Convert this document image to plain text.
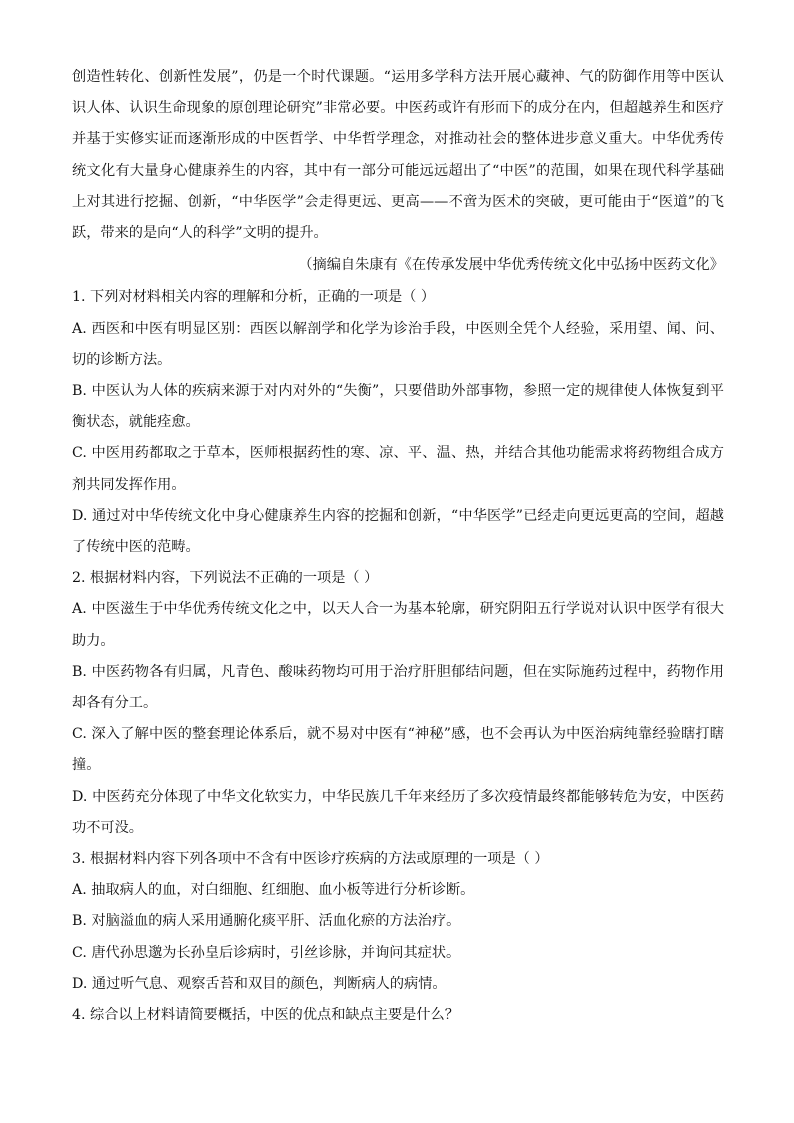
创造性转化、创新性发展”，仍是一个时代课题。“运用多学科方法开展心藏神、气的防御作用等中医认识人体、认识生命现象的原创理论研究”非常必要。中医药或许有形而下的成分在内，但超越养生和医疗并基于实修实证而逐渐形成的中医哲学、中华哲学理念，对推动社会的整体进步意义重大。中华优秀传统文化有大量身心健康养生的内容，其中有一部分可能远远超出了“中医”的范围，如果在现代科学基础上对其进行挖掘、创新，“中华医学”会走得更远、更高——不啻为医术的突破，更可能由于“医道”的飞跃，带来的是向“人的科学”文明的提升。

（摘编自朱康有《在传承发展中华优秀传统文化中弘扬中医药文化》

1. 下列对材料相关内容的理解和分析，正确的一项是（ ）

A. 西医和中医有明显区别：西医以解剖学和化学为诊治手段，中医则全凭个人经验，采用望、闻、问、切的诊断方法。

B. 中医认为人体的疾病来源于对内对外的“失衡”，只要借助外部事物，参照一定的规律使人体恢复到平衡状态，就能痊愈。

C. 中医用药都取之于草本，医师根据药性的寒、凉、平、温、热，并结合其他功能需求将药物组合成方剂共同发挥作用。

D. 通过对中华传统文化中身心健康养生内容的挖掘和创新，“中华医学”已经走向更远更高的空间，超越了传统中医的范畴。

2. 根据材料内容，下列说法不正确的一项是（ ）

A. 中医滋生于中华优秀传统文化之中，以天人合一为基本轮廓，研究阴阳五行学说对认识中医学有很大助力。

B. 中医药物各有归属，凡青色、酸味药物均可用于治疗肝胆郁结问题，但在实际施药过程中，药物作用却各有分工。

C. 深入了解中医的整套理论体系后，就不易对中医有“神秘”感，也不会再认为中医治病纯靠经验瞎打瞎撞。

D. 中医药充分体现了中华文化软实力，中华民族几千年来经历了多次疫情最终都能够转危为安，中医药功不可没。

3. 根据材料内容下列各项中不含有中医诊疗疾病的方法或原理的一项是（ ）

A. 抽取病人的血，对白细胞、红细胞、血小板等进行分析诊断。

B. 对脑溢血的病人采用通腑化痰平肝、活血化瘀的方法治疗。

C. 唐代孙思邈为长孙皇后诊病时，引丝诊脉，并询问其症状。

D. 通过听气息、观察舌苔和双目的颜色，判断病人的病情。

4. 综合以上材料请简要概括，中医的优点和缺点主要是什么？
